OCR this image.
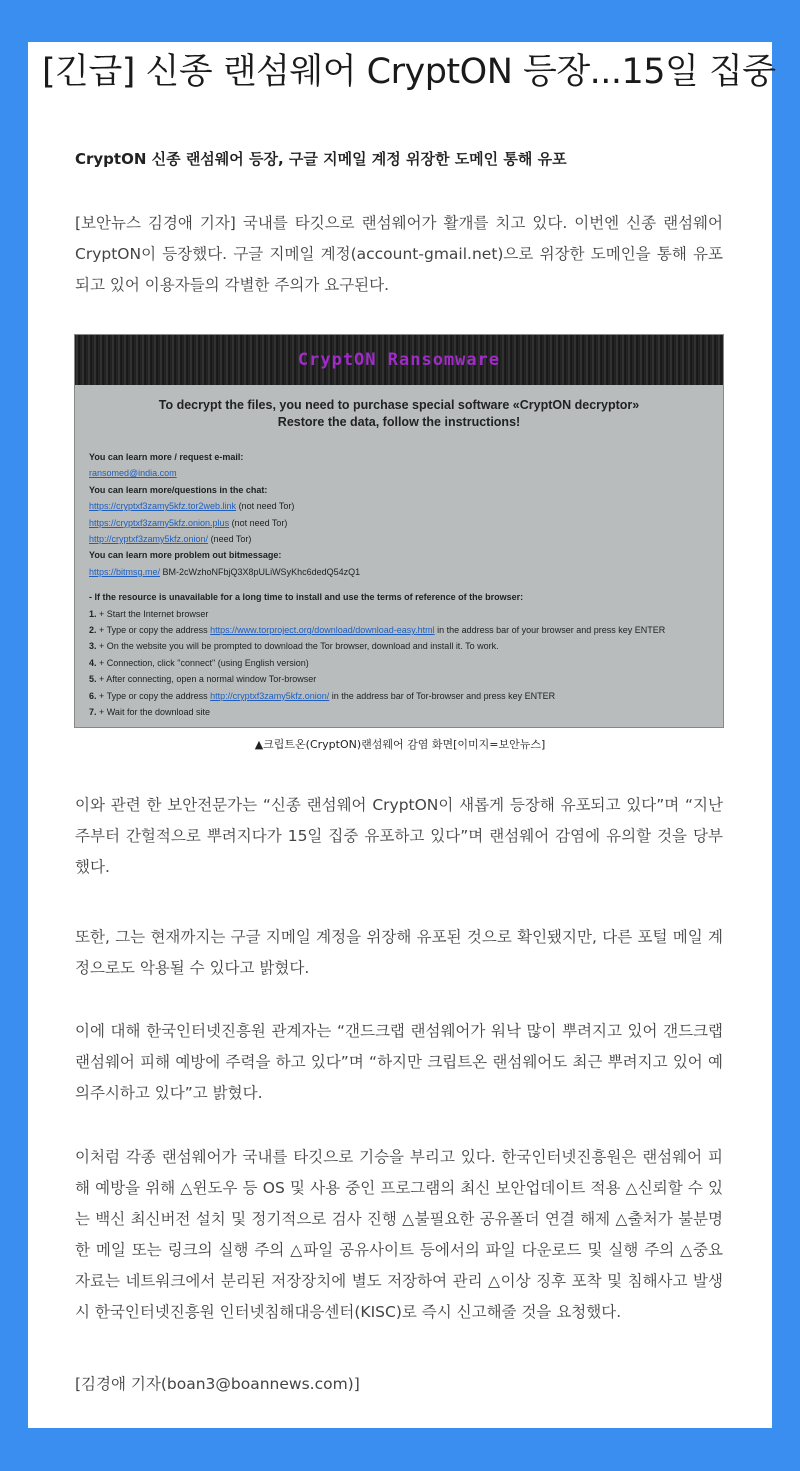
[긴급] 신종 랜섬웨어 CryptON 등장...15일 집중
CryptON 신종 랜섬웨어 등장, 구글 지메일 계정 위장한 도메인 통해 유포

[보안뉴스 김경애 기자] 국내를 타깃으로 랜섬웨어가 활개를 치고 있다. 이번엔 신종 랜섬웨어 CryptON이 등장했다. 구글 지메일 계정(account-gmail.net)으로 위장한 도메인을 통해 유포되고 있어 이용자들의 각별한 주의가 요구된다.

CryptON Ransomware
To decrypt the files, you need to purchase special software «CryptON decryptor»
Restore the data, follow the instructions!
You can learn more / request e-mail:
ransomed@india.com
You can learn more/questions in the chat:
https://cryptxf3zamy5kfz.tor2web.link (not need Tor)
https://cryptxf3zamy5kfz.onion.plus (not need Tor)
http://cryptxf3zamy5kfz.onion/ (need Tor)
You can learn more problem out bitmessage:
https://bitmsg.me/ BM-2cWzhoNFbjQ3X8pULiWSyKhc6dedQ54zQ1
- If the resource is unavailable for a long time to install and use the terms of reference of the browser:
1. + Start the Internet browser
2. + Type or copy the address https://www.torproject.org/download/download-easy.html in the address bar of your browser and press key ENTER
3. + On the website you will be prompted to download the Tor browser, download and install it. To work.
4. + Connection, click "connect" (using English version)
5. + After connecting, open a normal window Tor-browser
6. + Type or copy the address http://cryptxf3zamy5kfz.onion/ in the address bar of Tor-browser and press key ENTER
7. + Wait for the download site
▲크립트온(CryptON)랜섬웨어 감염 화면[이미지=보안뉴스]

이와 관련 한 보안전문가는 “신종 랜섬웨어 CryptON이 새롭게 등장해 유포되고 있다”며 “지난 주부터 간헐적으로 뿌려지다가 15일 집중 유포하고 있다”며 랜섬웨어 감염에 유의할 것을 당부했다.

또한, 그는 현재까지는 구글 지메일 계정을 위장해 유포된 것으로 확인됐지만, 다른 포털 메일 계정으로도 악용될 수 있다고 밝혔다.

이에 대해 한국인터넷진흥원 관계자는 “갠드크랩 랜섬웨어가 워낙 많이 뿌려지고 있어 갠드크랩 랜섬웨어 피해 예방에 주력을 하고 있다”며 “하지만 크립트온 랜섬웨어도 최근 뿌려지고 있어 예의주시하고 있다”고 밝혔다.

이처럼 각종 랜섬웨어가 국내를 타깃으로 기승을 부리고 있다. 한국인터넷진흥원은 랜섬웨어 피해 예방을 위해 △윈도우 등 OS 및 사용 중인 프로그램의 최신 보안업데이트 적용 △신뢰할 수 있는 백신 최신버전 설치 및 정기적으로 검사 진행 △불필요한 공유폴더 연결 해제 △출처가 불분명한 메일 또는 링크의 실행 주의 △파일 공유사이트 등에서의 파일 다운로드 및 실행 주의 △중요 자료는 네트워크에서 분리된 저장장치에 별도 저장하여 관리 △이상 징후 포착 및 침해사고 발생시 한국인터넷진흥원 인터넷침해대응센터(KISC)로 즉시 신고해줄 것을 요청했다.

[김경애 기자(boan3@boannews.com)]
